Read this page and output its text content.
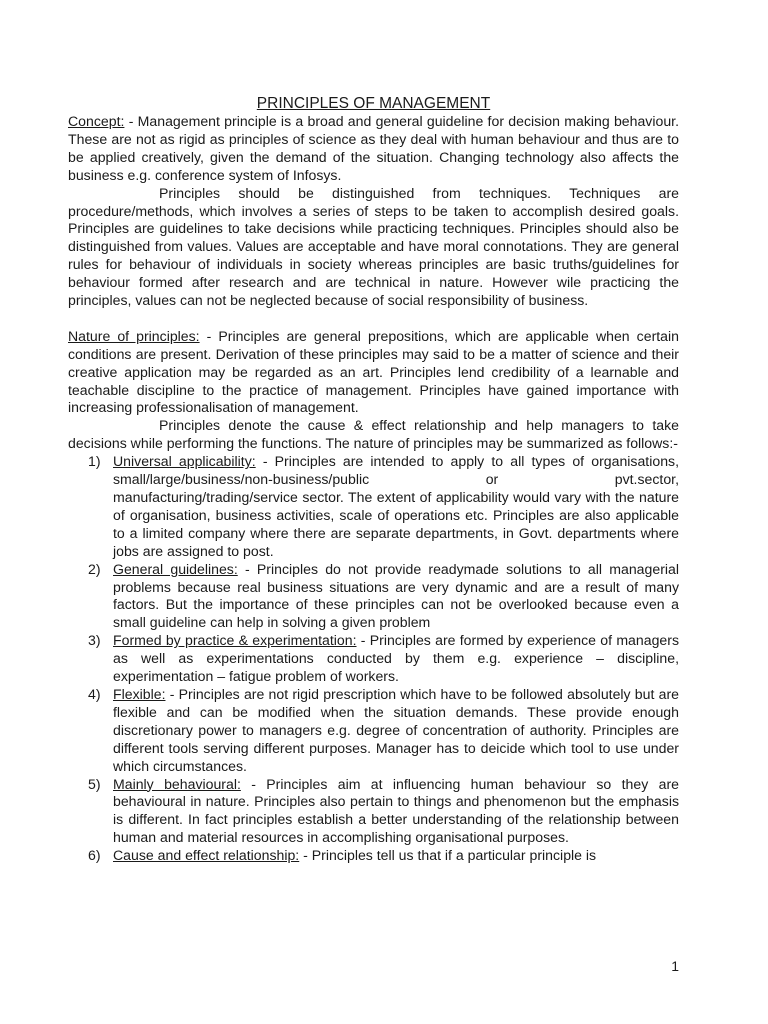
PRINCIPLES OF MANAGEMENT

Concept: - Management principle is a broad and general guideline for decision making behaviour. These are not as rigid as principles of science as they deal with human behaviour and thus are to be applied creatively, given the demand of the situation. Changing technology also affects the business e.g. conference system of Infosys.

Principles should be distinguished from techniques. Techniques are procedure/methods, which involves a series of steps to be taken to accomplish desired goals. Principles are guidelines to take decisions while practicing techniques. Principles should also be distinguished from values. Values are acceptable and have moral connotations. They are general rules for behaviour of individuals in society whereas principles are basic truths/guidelines for behaviour formed after research and are technical in nature. However wile practicing the principles, values can not be neglected because of social responsibility of business.

Nature of principles: - Principles are general prepositions, which are applicable when certain conditions are present. Derivation of these principles may said to be a matter of science and their creative application may be regarded as an art. Principles lend credibility of a learnable and teachable discipline to the practice of management. Principles have gained importance with increasing professionalisation of management.

Principles denote the cause & effect relationship and help managers to take decisions while performing the functions. The nature of principles may be summarized as follows:-

1) Universal applicability: - Principles are intended to apply to all types of organisations,
small/large/business/non-business/public or pvt.sector,
manufacturing/trading/service sector. The extent of applicability would vary with the nature of organisation, business activities, scale of operations etc. Principles are also applicable to a limited company where there are separate departments, in Govt. departments where jobs are assigned to post.
2) General guidelines: - Principles do not provide readymade solutions to all managerial problems because real business situations are very dynamic and are a result of many factors. But the importance of these principles can not be overlooked because even a small guideline can help in solving a given problem
3) Formed by practice & experimentation: - Principles are formed by experience of managers as well as experimentations conducted by them e.g. experience – discipline, experimentation – fatigue problem of workers.
4) Flexible: - Principles are not rigid prescription which have to be followed absolutely but are flexible and can be modified when the situation demands. These provide enough discretionary power to managers e.g. degree of concentration of authority. Principles are different tools serving different purposes. Manager has to deicide which tool to use under which circumstances.
5) Mainly behavioural: - Principles aim at influencing human behaviour so they are behavioural in nature. Principles also pertain to things and phenomenon but the emphasis is different. In fact principles establish a better understanding of the relationship between human and material resources in accomplishing organisational purposes.
6) Cause and effect relationship: - Principles tell us that if a particular principle is
1
